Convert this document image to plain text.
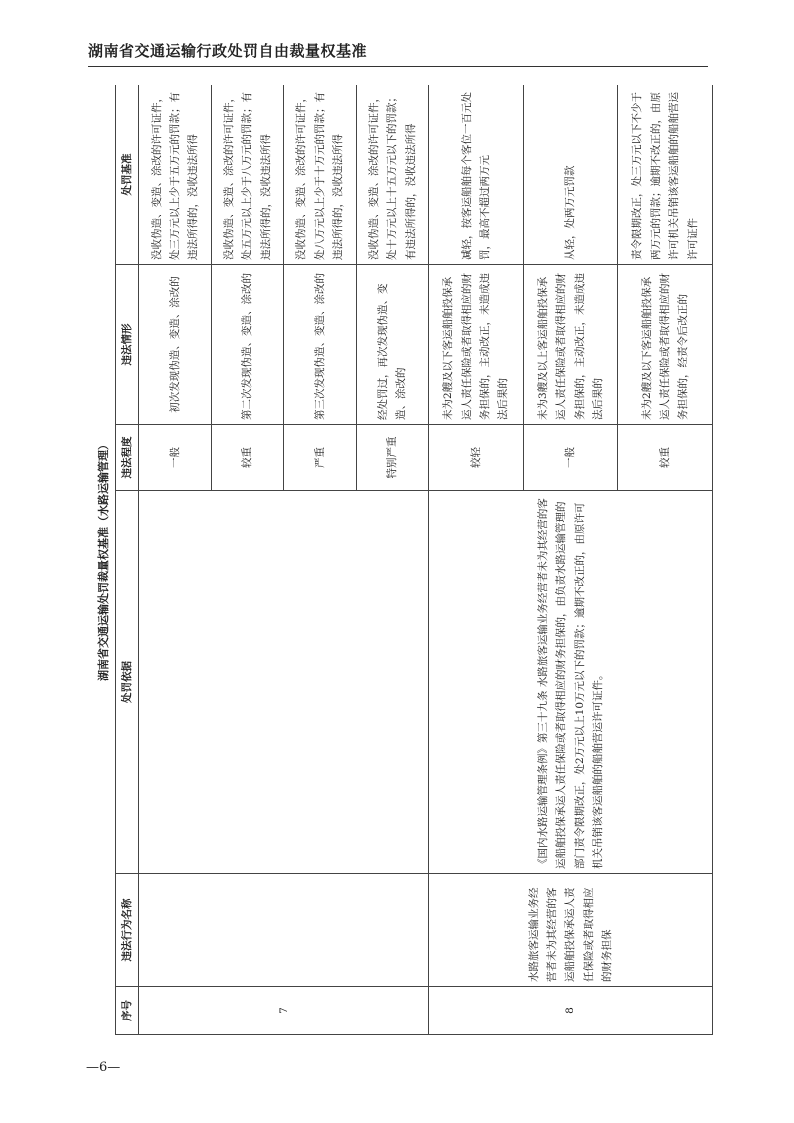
湖南省交通运输行政处罚自由裁量权基准
湖南省交通运输处罚裁量权基准（水路运输管理）
序号	违法行为名称	处罚依据	违法程度	违法情形	处罚基准
7			一般	初次发现伪造、变造、涂改的	没收伪造、变造、涂改的许可证件，处三万元以上少于五万元的罚款；有违法所得的，没收违法所得
			较重	第二次发现伪造、变造、涂改的	没收伪造、变造、涂改的许可证件，处五万元以上少于八万元的罚款；有违法所得的，没收违法所得
			严重	第三次发现伪造、变造、涂改的	没收伪造、变造、涂改的许可证件，处八万元以上少于十万元的罚款；有违法所得的，没收违法所得
			特别严重	经处罚过，再次发现伪造、变造、涂改的	没收伪造、变造、涂改的许可证件，处十万元以上十五万元以下的罚款；有违法所得的，没收违法所得
8	水路旅客运输业务经营者未为其经营的客运船舶投保承运人责任保险或者取得相应的财务担保	《国内水路运输管理条例》第三十九条 水路旅客运输业务经营者未为其经营的客运船舶投保承运人责任保险或者取得相应的财务担保的，由负责水路运输管理的部门责令限期改正，处2万元以上10万元以下的罚款；逾期不改正的，由原许可机关吊销该客运船舶的船舶营运许可证件。	较轻	未为2艘及以下客运船舶投保承运人责任保险或者取得相应的财务担保的，主动改正，未造成违法后果的	减轻，按客运船舶每个客位一百元处罚，最高不超过两万元
			一般	未为3艘及以上客运船舶投保承运人责任保险或者取得相应的财务担保的，主动改正，未造成违法后果的	从轻，处两万元罚款
			较重	未为2艘及以下客运船舶投保承运人责任保险或者取得相应的财务担保的，经责令后改正的	责令限期改正，处三万元以下不少于两万元的罚款；逾期不改正的，由原许可机关吊销该客运船舶的船舶营运许可证件
—6—
